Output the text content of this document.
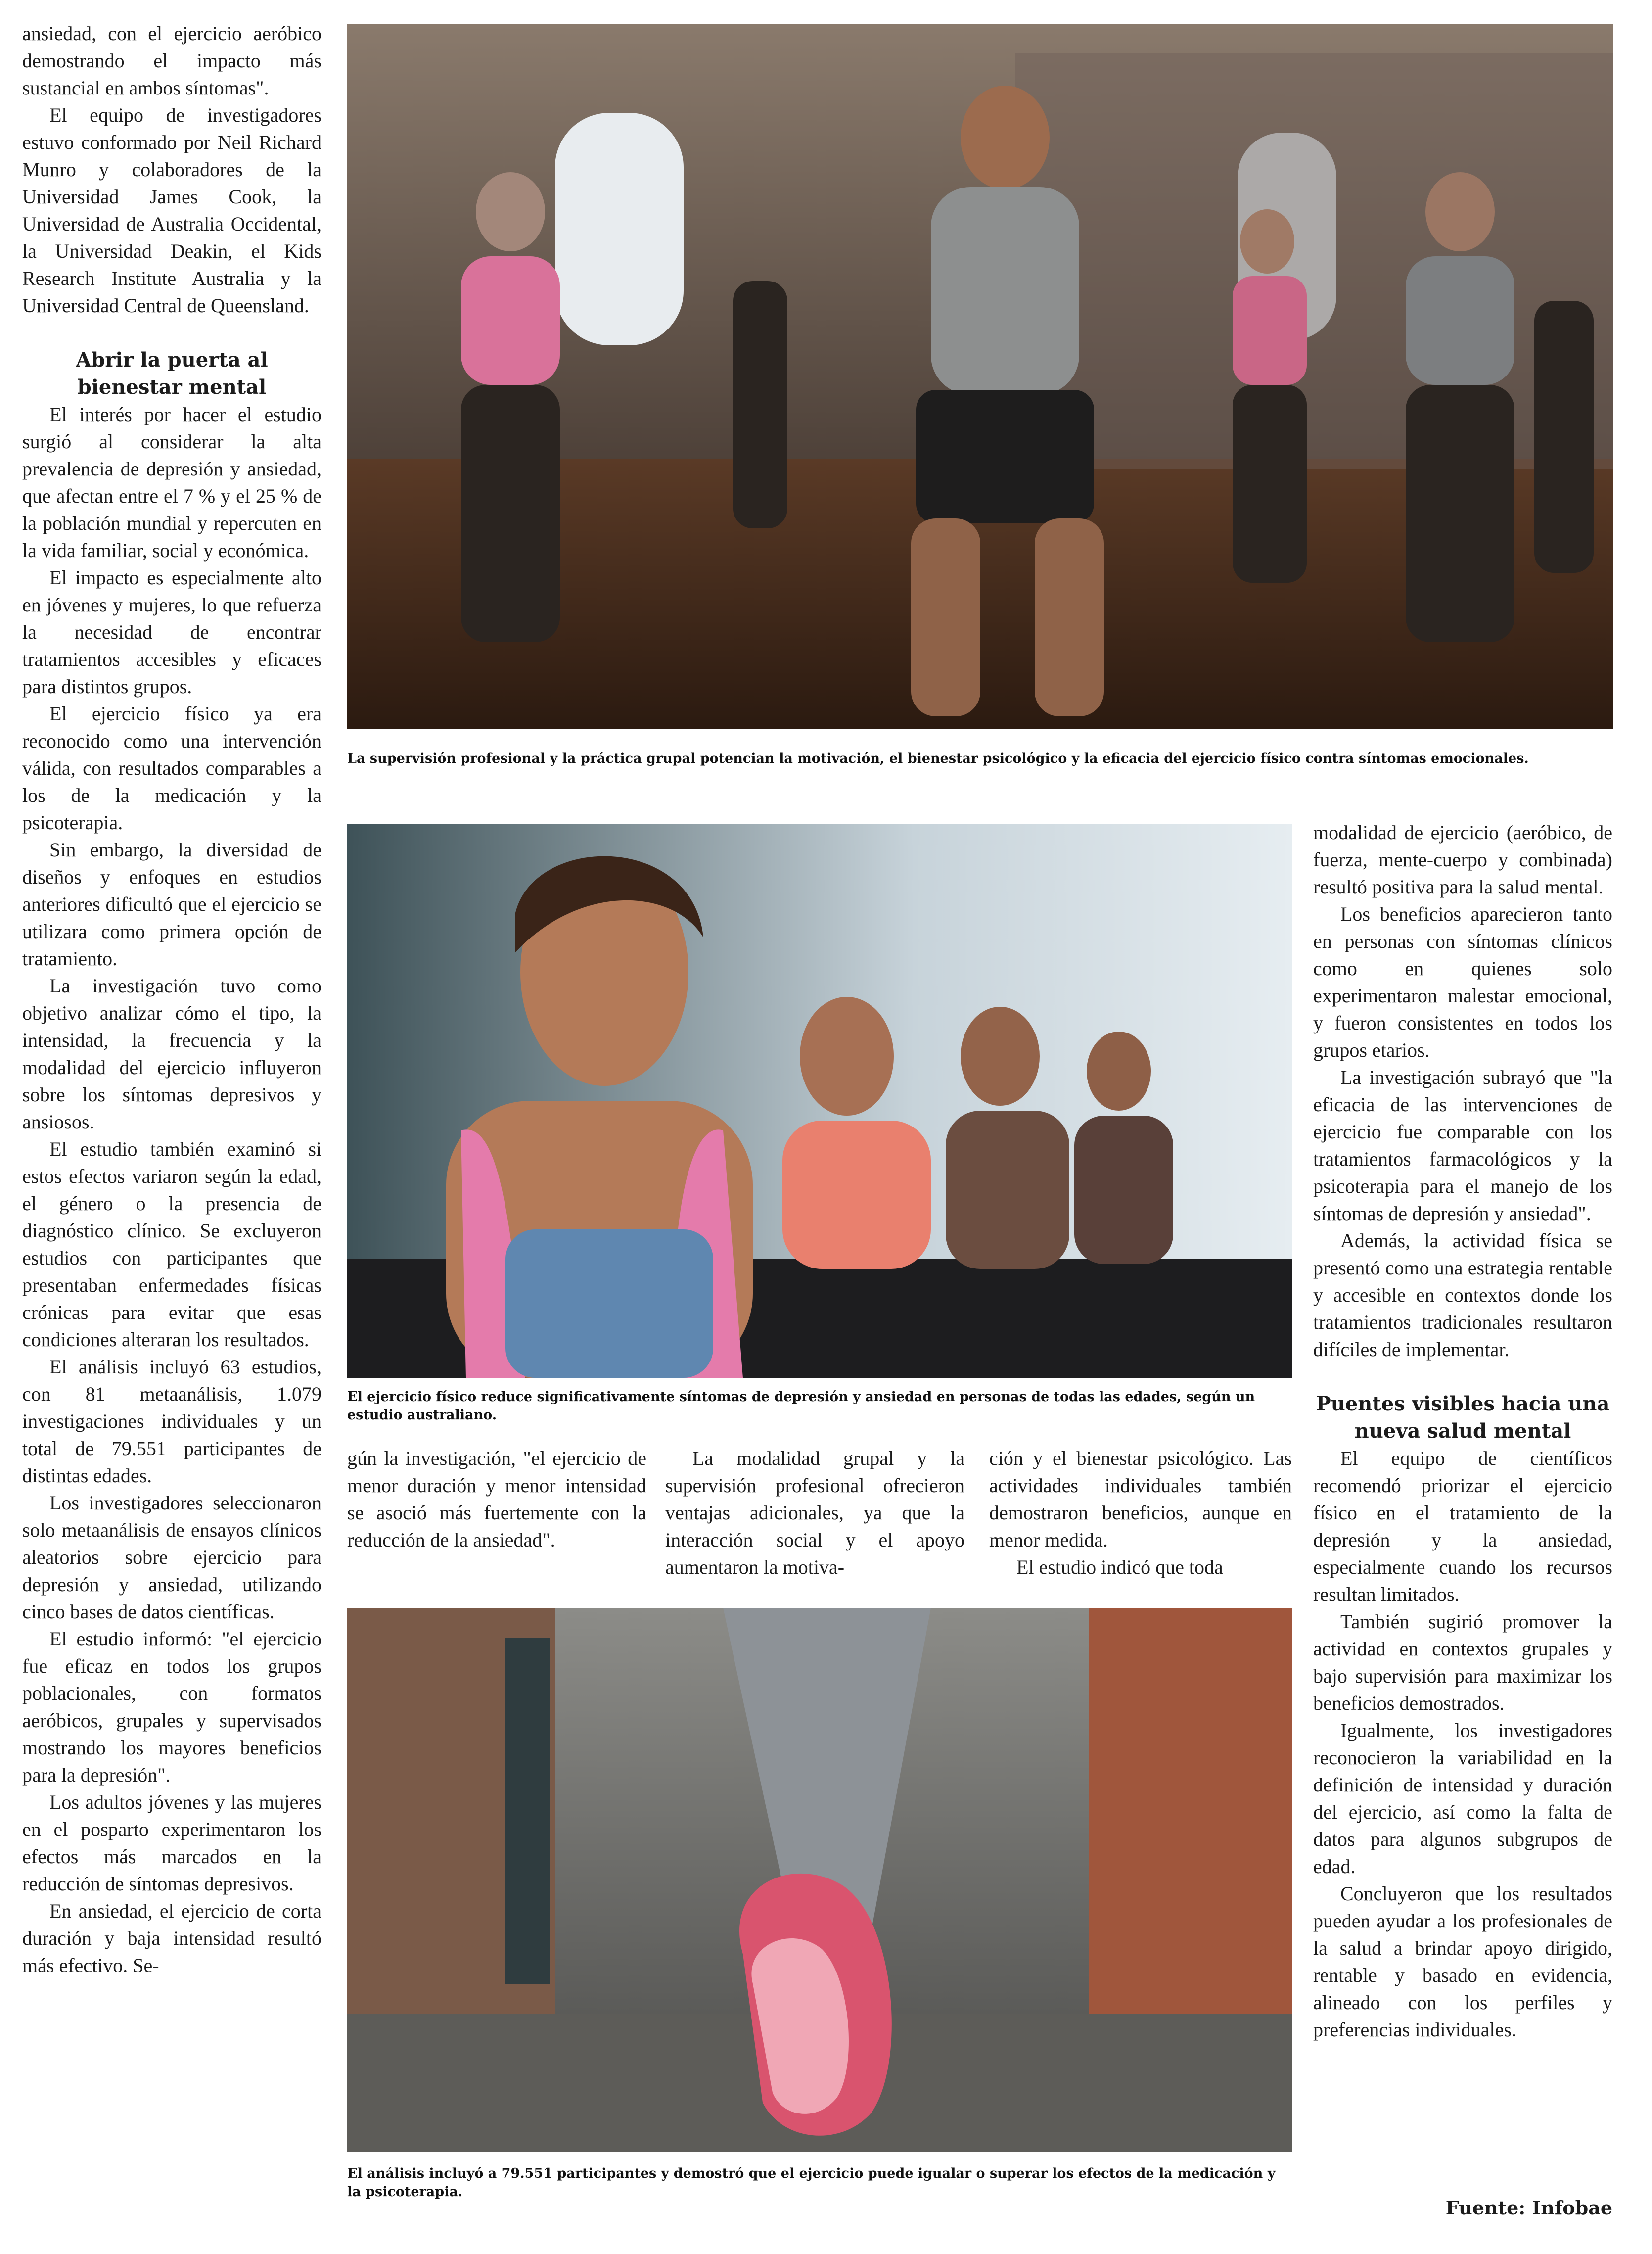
ansiedad, con el ejercicio aeróbico demostrando el impacto más sustancial en ambos síntomas".

El equipo de investigadores estuvo conformado por Neil Richard Munro y colaboradores de la Universidad James Cook, la Universidad de Australia Occidental, la Universidad Deakin, el Kids Research Institute Australia y la Universidad Central de Queensland.

Abrir la puerta al bienestar mental

El interés por hacer el estudio surgió al considerar la alta prevalencia de depresión y ansiedad, que afectan entre el 7 % y el 25 % de la población mundial y repercuten en la vida familiar, social y económica.

El impacto es especialmente alto en jóvenes y mujeres, lo que refuerza la necesidad de encontrar tratamientos accesibles y eficaces para distintos grupos.

El ejercicio físico ya era reconocido como una intervención válida, con resultados comparables a los de la medicación y la psicoterapia.

Sin embargo, la diversidad de diseños y enfoques en estudios anteriores dificultó que el ejercicio se utilizara como primera opción de tratamiento.

La investigación tuvo como objetivo analizar cómo el tipo, la intensidad, la frecuencia y la modalidad del ejercicio influyeron sobre los síntomas depresivos y ansiosos.

El estudio también examinó si estos efectos variaron según la edad, el género o la presencia de diagnóstico clínico. Se excluyeron estudios con participantes que presentaban enfermedades físicas crónicas para evitar que esas condiciones alteraran los resultados.

El análisis incluyó 63 estudios, con 81 metaanálisis, 1.079 investigaciones individuales y un total de 79.551 participantes de distintas edades.

Los investigadores seleccionaron solo metaanálisis de ensayos clínicos aleatorios sobre ejercicio para depresión y ansiedad, utilizando cinco bases de datos científicas.

El estudio informó: "el ejercicio fue eficaz en todos los grupos poblacionales, con formatos aeróbicos, grupales y supervisados mostrando los mayores beneficios para la depresión".

Los adultos jóvenes y las mujeres en el posparto experimentaron los efectos más marcados en la reducción de síntomas depresivos.

En ansiedad, el ejercicio de corta duración y baja intensidad resultó más efectivo. Se-

La supervisión profesional y la práctica grupal potencian la motivación, el bienestar psicológico y la eficacia del ejercicio físico contra síntomas emocionales.
El ejercicio físico reduce significativamente síntomas de depresión y ansiedad en personas de todas las edades, según un estudio australiano.

gún la investigación, "el ejercicio de menor duración y menor intensidad se asoció más fuertemente con la reducción de la ansiedad".

La modalidad grupal y la supervisión profesional ofrecieron ventajas adicionales, ya que la interacción social y el apoyo aumentaron la motiva-

ción y el bienestar psicológico. Las actividades individuales también demostraron beneficios, aunque en menor medida.

El estudio indicó que toda

El análisis incluyó a 79.551 participantes y demostró que el ejercicio puede igualar o superar los efectos de la medicación y la psicoterapia.

modalidad de ejercicio (aeróbico, de fuerza, mente-cuerpo y combinada) resultó positiva para la salud mental.

Los beneficios aparecieron tanto en personas con síntomas clínicos como en quienes solo experimentaron malestar emocional, y fueron consistentes en todos los grupos etarios.

La investigación subrayó que "la eficacia de las intervenciones de ejercicio fue comparable con los tratamientos farmacológicos y la psicoterapia para el manejo de los síntomas de depresión y ansiedad".

Además, la actividad física se presentó como una estrategia rentable y accesible en contextos donde los tratamientos tradicionales resultaron difíciles de implementar.

Puentes visibles hacia una nueva salud mental

El equipo de científicos recomendó priorizar el ejercicio físico en el tratamiento de la depresión y la ansiedad, especialmente cuando los recursos resultan limitados.

También sugirió promover la actividad en contextos grupales y bajo supervisión para maximizar los beneficios demostrados.

Igualmente, los investigadores reconocieron la variabilidad en la definición de intensidad y duración del ejercicio, así como la falta de datos para algunos subgrupos de edad.

Concluyeron que los resultados pueden ayudar a los profesionales de la salud a brindar apoyo dirigido, rentable y basado en evidencia, alineado con los perfiles y preferencias individuales.

Fuente: Infobae
